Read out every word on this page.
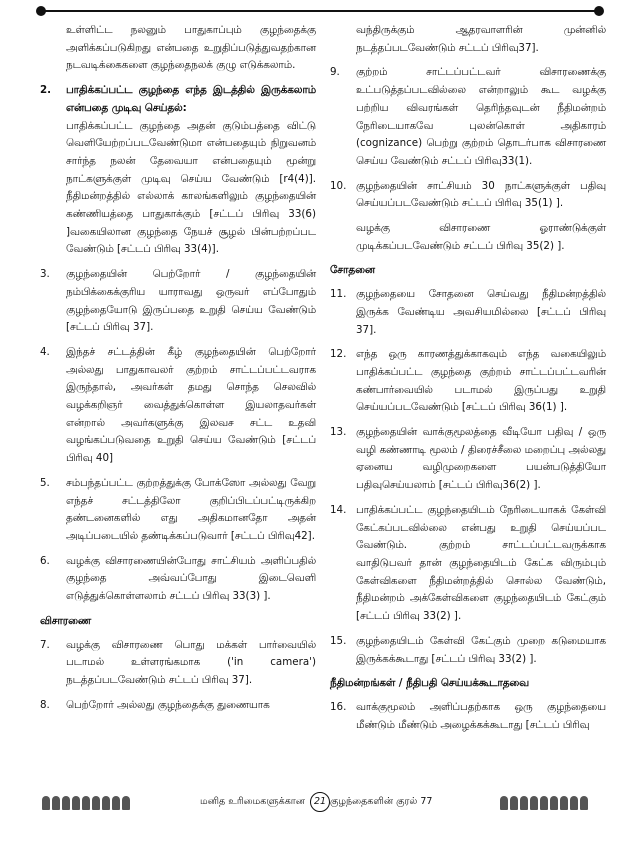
உள்ளிட்ட நலனும் பாதுகாப்பும் குழந்தைக்கு அளிக்கப்படுகிறது என்பதை உறுதிப்படுத்துவதற்கான நடவடிக்கைகளை குழந்தைநலக் குழு எடுக்கலாம்.
2. பாதிக்கப்பட்ட குழந்தை எந்த இடத்தில் இருக்கலாம் என்பதை முடிவு செய்தல்:
பாதிக்கப்பட்ட குழந்தை அதன் குடும்பத்தை விட்டு வெளியேற்றப்படவேண்டுமா என்பதையும் நிறுவனம் சார்ந்த நலன் தேவையா என்பதையும் மூன்று நாட்களுக்குள் முடிவு செய்ய வேண்டும் [r4(4)]. நீதிமன்றத்தில் எல்லாக் காலங்களிலும் குழந்தையின் கண்ணியத்தை பாதுகாக்கும் [சட்டப் பிரிவு 33(6) ]வகையிலான குழந்தை நேயச் சூழல் பின்பற்றப்பட வேண்டும் [சட்டப் பிரிவு 33(4)].
3. குழந்தையின் பெற்றோர் / குழந்தையின் நம்பிக்கைக்குரிய யாராவது ஒருவர் எப்போதும் குழந்தையோடு இருப்பதை உறுதி செய்ய வேண்டும் [சட்டப் பிரிவு 37].
4. இந்தச் சட்டத்தின் கீழ் குழந்தையின் பெற்றோர் அல்லது பாதுகாவலர் குற்றம் சாட்டப்பட்டவராக இருந்தால், அவர்கள் தமது சொந்த செலவில் வழக்கறிஞர் வைத்துக்கொள்ள இயலாதவர்கள் என்றால் அவர்களுக்கு இலவச சட்ட உதவி வழங்கப்படுவதை உறுதி செய்ய வேண்டும் [சட்டப் பிரிவு 40]
5. சம்பந்தப்பட்ட குற்றத்துக்கு போக்ஸோ அல்லது வேறு எந்தச் சட்டத்திலோ குறிப்பிடப்பட்டிருக்கிற தண்டனைகளில் எது அதிகமானதோ அதன் அடிப்படையில் தண்டிக்கப்படுவார் [சட்டப் பிரிவு42].
6. வழக்கு விசாரணையின்போது சாட்சியம் அளிப்பதில் குழந்தை அவ்வப்போது இடைவெளி எடுத்துக்கொள்ளலாம் சட்டப் பிரிவு 33(3) ].
விசாரணை
7. வழக்கு விசாரணை பொது மக்கள் பார்வையில் படாமல் உள்ளரங்கமாக ('in camera') நடத்தப்படவேண்டும் சட்டப் பிரிவு 37].
8. பெற்றோர் அல்லது குழந்தைக்கு துணையாக
வந்திருக்கும் ஆதரவாளரின் முன்னில் நடத்தப்படவேண்டும் சட்டப் பிரிவு37].
9. குற்றம் சாட்டப்பட்டவர் விசாரணைக்கு உட்படுத்தப்படவில்லை என்றாலும் கூட வழக்கு பற்றிய விவரங்கள் தெரிந்தவுடன் நீதிமன்றம் நேரிடையாகவே புலன்கொள் அதிகாரம் (cognizance) பெற்று குற்றம் தொடர்பாக விசாரணை செய்ய வேண்டும் சட்டப் பிரிவு33(1).
10. குழந்தையின் சாட்சியம் 30 நாட்களுக்குள் பதிவு செய்யப்படவேண்டும் சட்டப் பிரிவு 35(1) ].
வழக்கு விசாரணை ஓராண்டுக்குள் முடிக்கப்படவேண்டும் சட்டப் பிரிவு 35(2) ].
சோதனை
11. குழந்தையை சோதனை செய்வது நீதிமன்றத்தில் இருக்க வேண்டிய அவசியமில்லை [சட்டப் பிரிவு 37].
12. எந்த ஒரு காரணத்துக்காகவும் எந்த வகையிலும் பாதிக்கப்பட்ட குழந்தை குற்றம் சாட்டப்பட்டவரின் கண்பார்வையில் படாமல் இருப்பது உறுதி செய்யப்படவேண்டும் [சட்டப் பிரிவு 36(1) ].
13. குழந்தையின் வாக்குமூலத்தை வீடியோ பதிவு / ஒரு வழி கண்ணாடி மூலம் / திரைச்சீலை மறைப்பு அல்லது ஏனைய வழிமுறைகளை பயன்படுத்தியோ பதிவுசெய்யலாம் [சட்டப் பிரிவு36(2) ].
14. பாதிக்கப்பட்ட குழந்தையிடம் நேரிடையாகக் கேள்வி கேட்கப்படவில்லை என்பது உறுதி செய்யப்பட வேண்டும். குற்றம் சாட்டப்பட்டவருக்காக வாதிடுபவர் தான் குழந்தையிடம் கேட்க விரும்பும் கேள்விகளை நீதிமன்றத்தில் சொல்ல வேண்டும், நீதிமன்றம் அக்கேள்விகளை குழந்தையிடம் கேட்கும் [சட்டப் பிரிவு 33(2) ].
15. குழந்தையிடம் கேள்வி கேட்கும் முறை கடுமையாக இருக்கக்கூடாது [சட்டப் பிரிவு 33(2) ].
நீதிமன்றங்கள் / நீதிபதி செய்யக்கூடாதவை
16. வாக்குமூலம் அளிப்பதற்காக ஒரு குழந்தையை மீண்டும் மீண்டும் அழைக்கக்கூடாது [சட்டப் பிரிவு
மனித உரிமைகளுக்கான 21 குழந்தைகளின் குரல் 77
